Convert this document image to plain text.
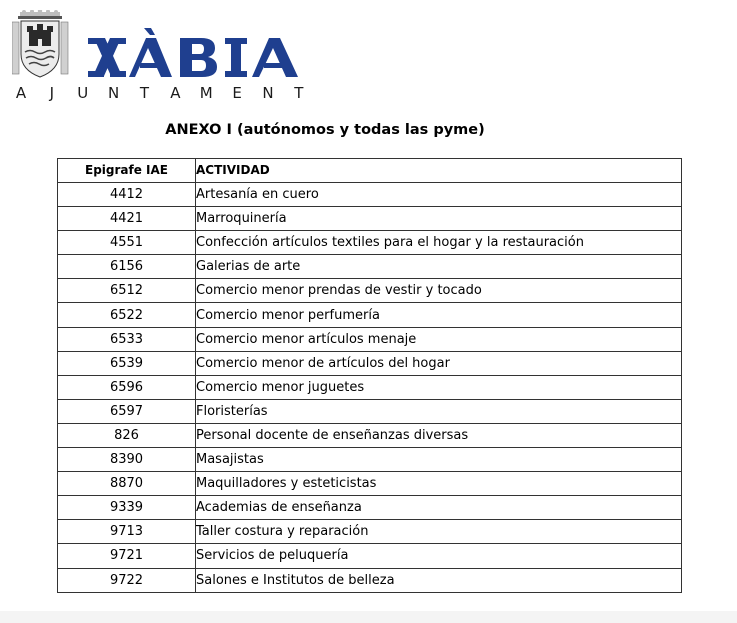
A	J	U N T A M E N T
ANEXO I (autónomos y todas las pyme)
Epigrafe IAE	ACTIVIDAD
4412	Artesanía en cuero
4421	Marroquinería
4551	Confección artículos textiles para el hogar y la restauración
6156	Galerias de arte
6512	Comercio menor prendas de vestir y tocado
6522	Comercio menor perfumería
6533	Comercio menor artículos menaje
6539	Comercio menor de artículos del hogar
6596	Comercio menor juguetes
6597	Floristerías
826	Personal docente de enseñanzas diversas
8390	Masajistas
8870	Maquilladores y esteticistas
9339	Academias de enseñanza
9713	Taller costura y reparación
9721	Servicios de peluquería
9722	Salones e Institutos de belleza
